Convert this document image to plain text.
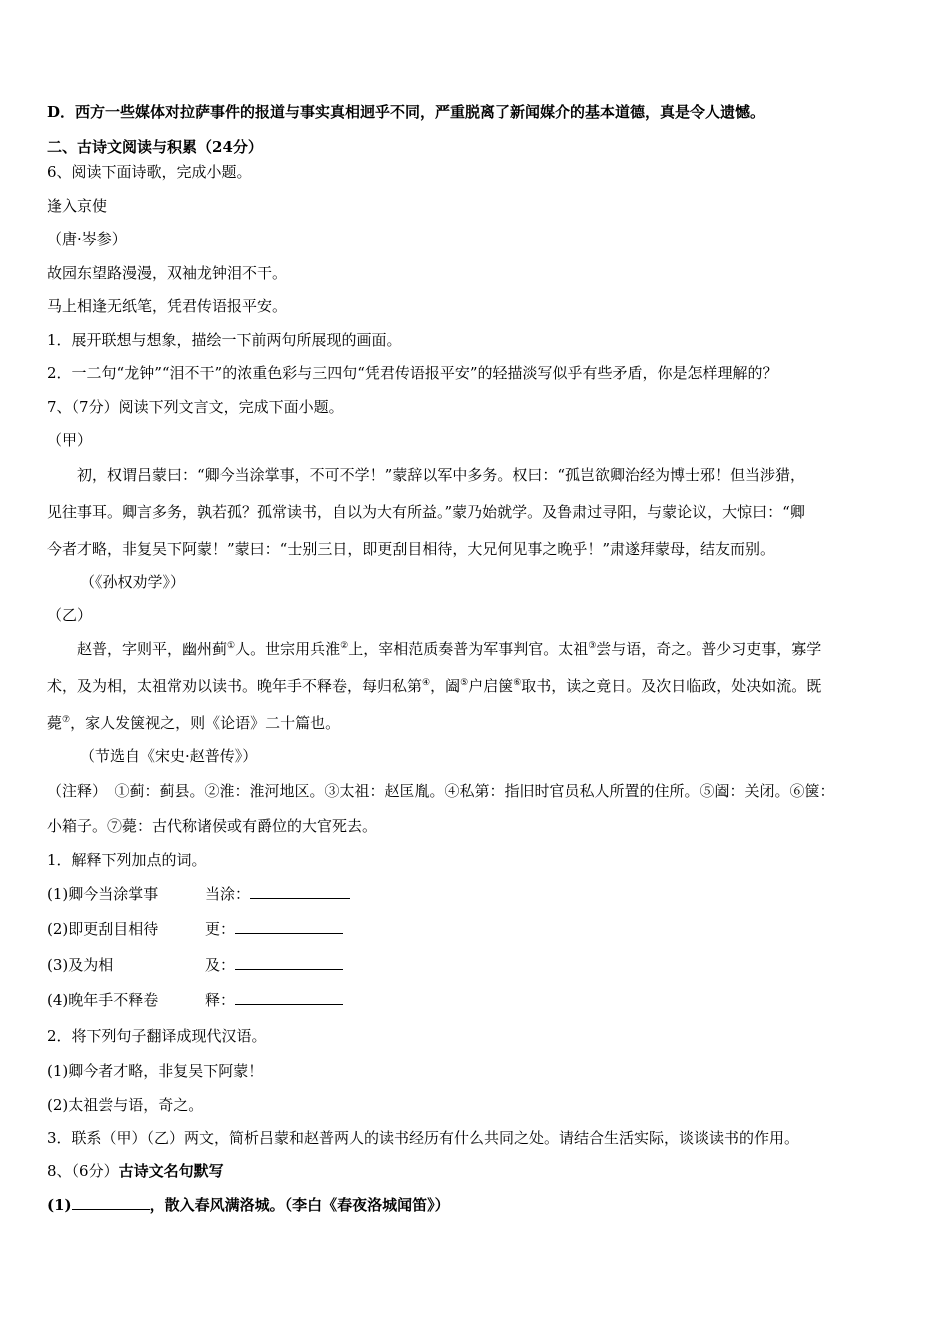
D．西方一些媒体对拉萨事件的报道与事实真相迥乎不同，严重脱离了新闻媒介的基本道德，真是令人遗憾。
二、古诗文阅读与积累（24分）
6、阅读下面诗歌，完成小题。
逢入京使
（唐·岑参）
故园东望路漫漫，双袖龙钟泪不干。
马上相逢无纸笔，凭君传语报平安。
1．展开联想与想象，描绘一下前两句所展现的画面。
2．一二句“龙钟”“泪不干”的浓重色彩与三四句“凭君传语报平安”的轻描淡写似乎有些矛盾，你是怎样理解的？
7、（7分）阅读下列文言文，完成下面小题。
（甲）
初，权谓吕蒙曰：“卿今当涂掌事，不可不学！”蒙辞以军中多务。权曰：“孤岂欲卿治经为博士邪！但当涉猎，
见往事耳。卿言多务，孰若孤？孤常读书，自以为大有所益。”蒙乃始就学。及鲁肃过寻阳，与蒙论议，大惊曰：“卿
今者才略，非复吴下阿蒙！”蒙曰：“士别三日，即更刮目相待，大兄何见事之晚乎！”肃遂拜蒙母，结友而别。
（《孙权劝学》）
（乙）
赵普，字则平，幽州蓟①人。世宗用兵淮②上，宰相范质奏普为军事判官。太祖③尝与语，奇之。普少习吏事，寡学
术，及为相，太祖常劝以读书。晚年手不释卷，每归私第④，阖⑤户启箧⑥取书，读之竟日。及次日临政，处决如流。既
薨⑦，家人发箧视之，则《论语》二十篇也。
（节选自《宋史·赵普传》）
（注释）　①蓟：蓟县。②淮：淮河地区。③太祖：赵匡胤。④私第：指旧时官员私人所置的住所。⑤阖：关闭。⑥箧：
小箱子。⑦薨：古代称诸侯或有爵位的大官死去。
1．解释下列加点的词。
(1)卿今当涂掌事	当涂：
(2)即更刮目相待	更：
(3)及为相	及：
(4)晚年手不释卷	释：
2．将下列句子翻译成现代汉语。
(1)卿今者才略，非复吴下阿蒙！
(2)太祖尝与语，奇之。
3．联系（甲）（乙）两文，简析吕蒙和赵普两人的读书经历有什么共同之处。请结合生活实际，谈谈读书的作用。
8、（6分）古诗文名句默写
(1)	，散入春风满洛城。（李白《春夜洛城闻笛》）
